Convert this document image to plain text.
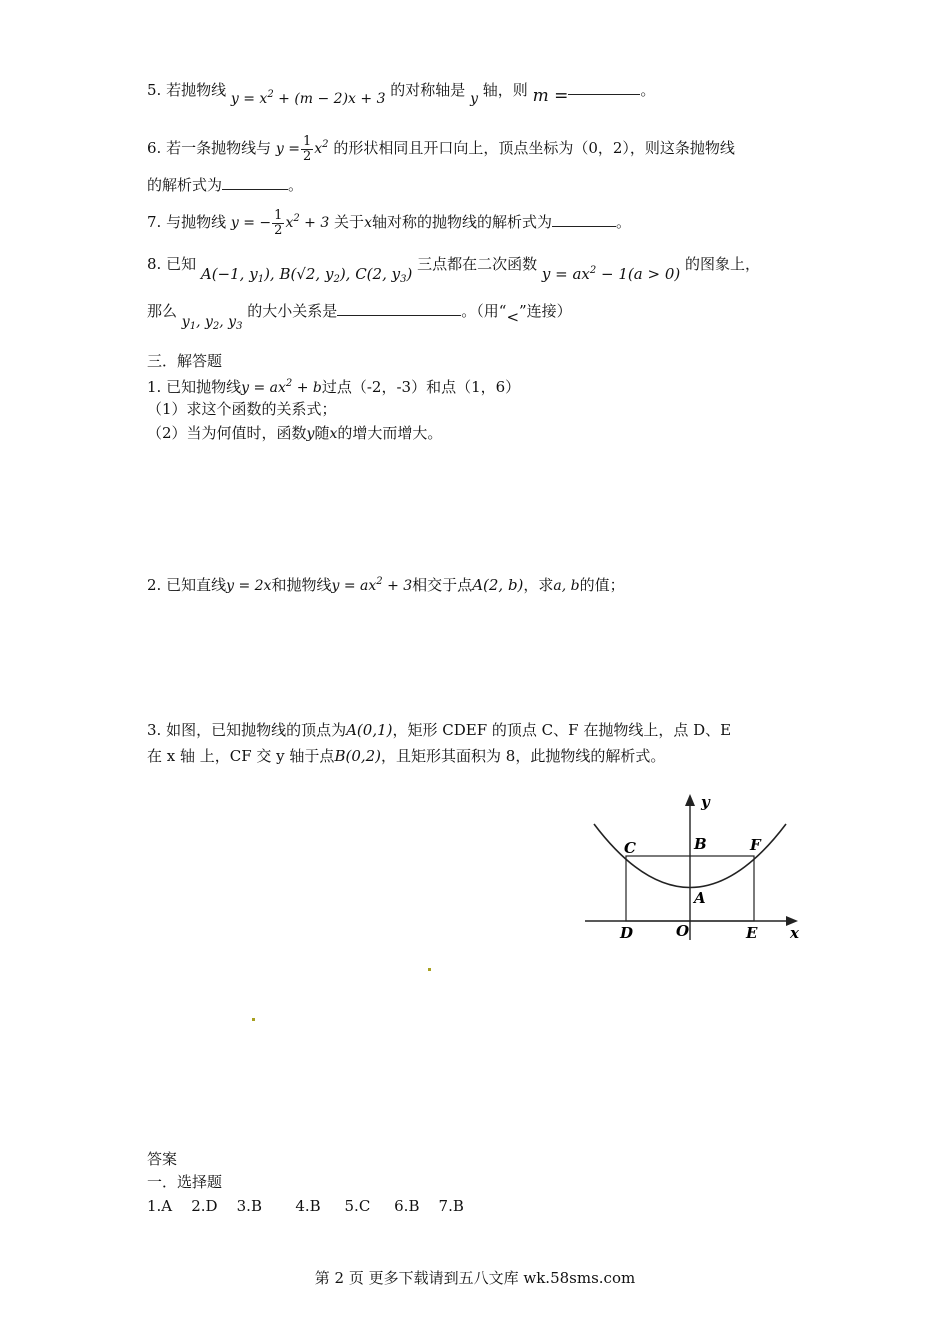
5. 若抛物线 $y = x^2 + (m - 2)x + 3$ 的对称轴是 y 轴，则 m =	。
6. 若一条抛物线与 $y = \frac{1}{2} x^2$ 的形状相同且开口向上，顶点坐标为（0，2），则这条抛物线
的解析式为	。
7. 与抛物线 y = − $\frac{1}{2} x^2 + 3$ 关于x轴对称的抛物线的解析式为	。
8. 已知 A(−1, $y_1$), B(√2, $y_2$), C(2, $y_3$) 三点都在二次函数 $y = ax^2 - 1(a > 0)$ 的图象上，
那么 $y_1$, $y_2$, $y_3$ 的大小关系是	。（用“<”连接）
三．解答题
1. 已知抛物线$y = ax^2 + b$过点（-2，-3）和点（1，6）
（1）求这个函数的关系式；
（2）当为何值时，函数y随x的增大而增大。
2. 已知直线y = 2x和抛物线$y = ax^2 + 3$相交于点A(2, b)，求a, b的值；
3. 如图，已知抛物线的顶点为A(0,1)，矩形 CDEF 的顶点 C、F 在抛物线上，点 D、E
在 x 轴 上，CF 交 y 轴于点B(0,2)，且矩形其面积为 8，此抛物线的解析式。
y
x
B
C	F
A
D	O	E
答案
一．选择题
1.A    2.D    3.B       4.B     5.C     6.B    7.B
第 2 页 更多下载请到五八文库 wk.58sms.com
